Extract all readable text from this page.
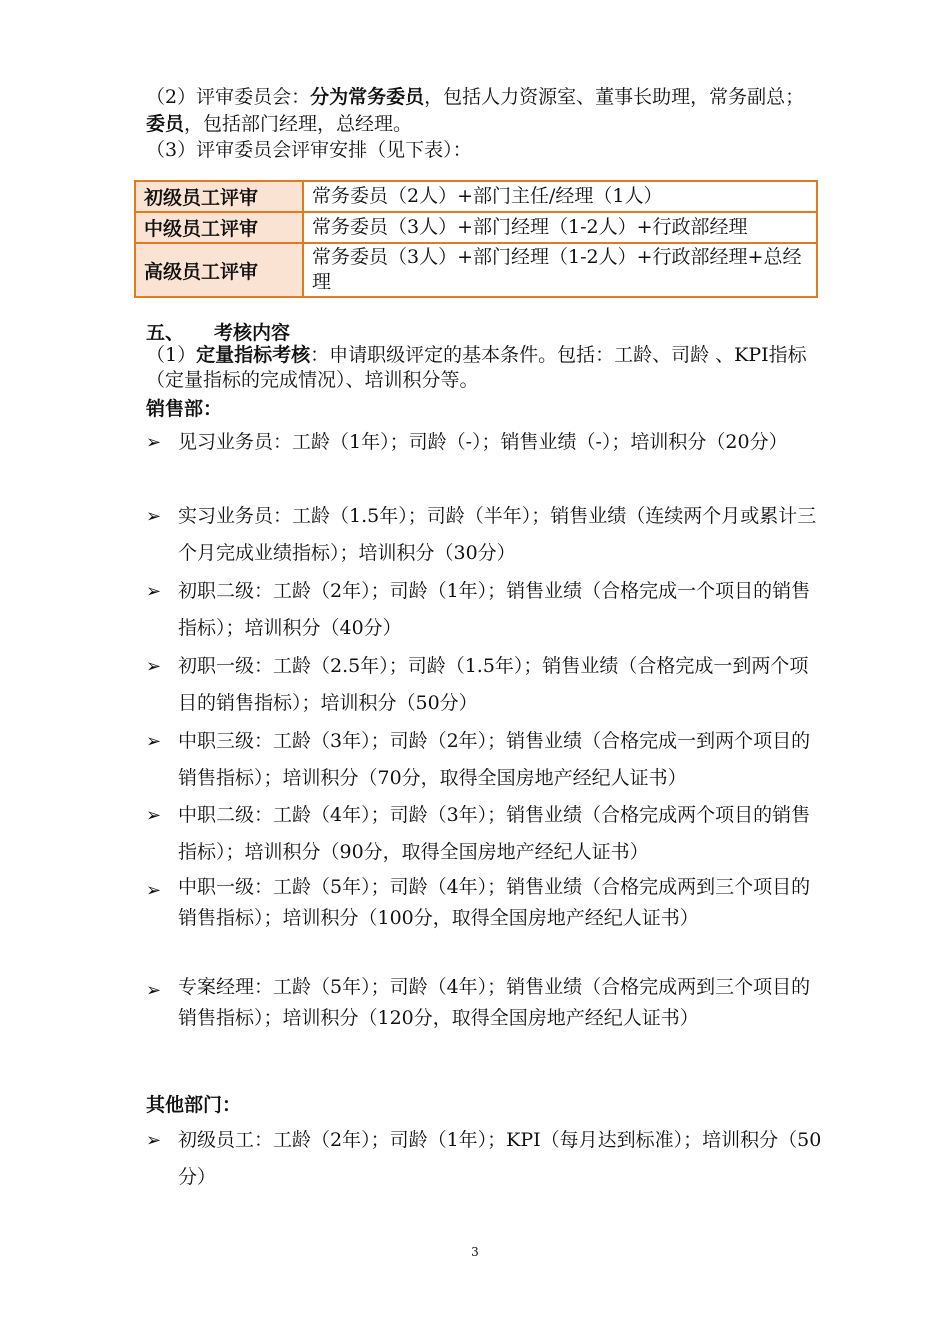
（2）评审委员会：分为常务委员，包括人力资源室、董事长助理，常务副总；委员，包括部门经理，总经理。
（3）评审委员会评审安排（见下表）：
初级员工评审	常务委员（2人）+部门主任/经理（1人）
中级员工评审	常务委员（3人）+部门经理（1-2人）+行政部经理
高级员工评审	常务委员（3人）+部门经理（1-2人）+行政部经理+总经理
五、 考核内容
（1）定量指标考核：申请职级评定的基本条件。包括：工龄、司龄 、KPI指标（定量指标的完成情况）、培训积分等。
销售部：
➢ 见习业务员：工龄（1年）；司龄（-）；销售业绩（-）；培训积分（20分）
➢ 实习业务员：工龄（1.5年）；司龄（半年）；销售业绩（连续两个月或累计三个月完成业绩指标）；培训积分（30分）
➢ 初职二级：工龄（2年）；司龄（1年）；销售业绩（合格完成一个项目的销售指标）；培训积分（40分）
➢ 初职一级：工龄（2.5年）；司龄（1.5年）；销售业绩（合格完成一到两个项目的销售指标）；培训积分（50分）
➢ 中职三级：工龄（3年）；司龄（2年）；销售业绩（合格完成一到两个项目的销售指标）；培训积分（70分，取得全国房地产经纪人证书）
➢ 中职二级：工龄（4年）；司龄（3年）；销售业绩（合格完成两个项目的销售指标）；培训积分（90分，取得全国房地产经纪人证书）
➢ 中职一级：工龄（5年）；司龄（4年）；销售业绩（合格完成两到三个项目的销售指标）；培训积分（100分，取得全国房地产经纪人证书）
➢ 专案经理：工龄（5年）；司龄（4年）；销售业绩（合格完成两到三个项目的销售指标）；培训积分（120分，取得全国房地产经纪人证书）
其他部门：
➢ 初级员工：工龄（2年）；司龄（1年）；KPI（每月达到标准）；培训积分（50分）
3
